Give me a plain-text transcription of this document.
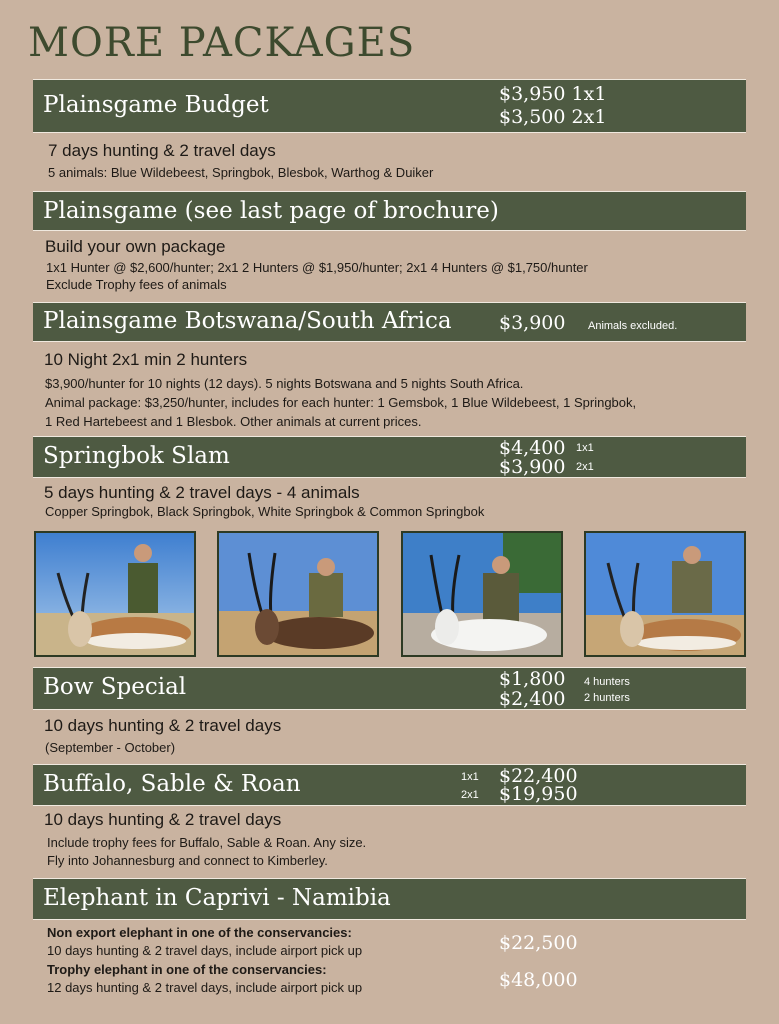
MORE PACKAGES
Plainsgame Budget	$3,950 1x1
$3,500 2x1
7 days hunting & 2 travel days
5 animals: Blue Wildebeest, Springbok, Blesbok, Warthog & Duiker
Plainsgame (see last page of brochure)
Build your own package
1x1 Hunter @ $2,600/hunter; 2x1 2 Hunters @ $1,950/hunter; 2x1 4 Hunters @ $1,750/hunter
Exclude Trophy fees of animals
Plainsgame Botswana/South Africa $3,900 Animals excluded.
10 Night 2x1 min 2 hunters
$3,900/hunter for 10 nights (12 days). 5 nights Botswana and 5 nights South Africa.
Animal package: $3,250/hunter, includes for each hunter: 1 Gemsbok, 1 Blue Wildebeest, 1 Springbok,
1 Red Hartebeest and 1 Blesbok. Other animals at current prices.
Springbok Slam	$4,400 1x1
$3,900 2x1
5 days hunting & 2 travel days - 4 animals
Copper Springbok, Black Springbok, White Springbok & Common Springbok
Bow Special	$1,800 4 hunters
$2,400 2 hunters
10 days hunting & 2 travel days
(September - October)
Buffalo, Sable & Roan	1x1 $22,400
2x1 $19,950
10 days hunting & 2 travel days
Include trophy fees for Buffalo, Sable & Roan. Any size.
Fly into Johannesburg and connect to Kimberley.
Elephant in Caprivi - Namibia
Non export elephant in one of the conservancies:
10 days hunting & 2 travel days, include airport pick up	$22,500
Trophy elephant in one of the conservancies:
12 days hunting & 2 travel days, include airport pick up	$48,000
